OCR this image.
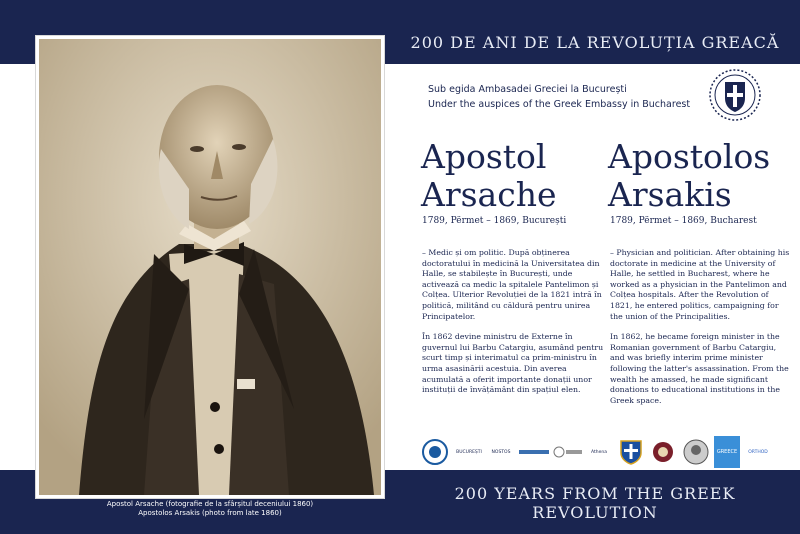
200 DE ANI DE LA REVOLUȚIA GREACĂ
200 YEARS FROM THE GREEK REVOLUTION
Apostol Arsache (fotografie de la sfârșitul deceniului 1860)
Apostolos Arsakis (photo from late 1860)
Sub egida Ambasadei Greciei la București
Under the auspices of the Greek Embassy in Bucharest
Apostol
Arsache
Apostolos
Arsakis
1789, Përmet – 1869, București	1789, Përmet – 1869, Bucharest

– Medic și om politic. După obținerea doctoratului în medicină la Universitatea din Halle, se stabilește în București, unde activează ca medic la spitalele Pantelimon și Colțea. Ulterior Revoluției de la 1821 intră în politică, militând cu căldură pentru unirea Principatelor.

În 1862 devine ministru de Externe în guvernul lui Barbu Catargiu, asumând pentru scurt timp și interimatul ca prim-ministru în urma asasinării acestuia. Din averea acumulată a oferit importante donații unor instituții de învățământ din spațiul elen.

– Physician and politician. After obtaining his doctorate in medicine at the University of Halle, he settled in Bucharest, where he worked as a physician in the Pantelimon and Colțea hospitals. After the Revolution of 1821, he entered politics, campaigning for the union of the Principalities.

In 1862, he became foreign minister in the Romanian government of Barbu Catargiu, and was briefly interim prime minister following the latter's assassination. From the wealth he amassed, he made significant donations to educational institutions in the Greek space.

BUCUREȘTI NOSTOS	Athena	GREECE ORTHOD
